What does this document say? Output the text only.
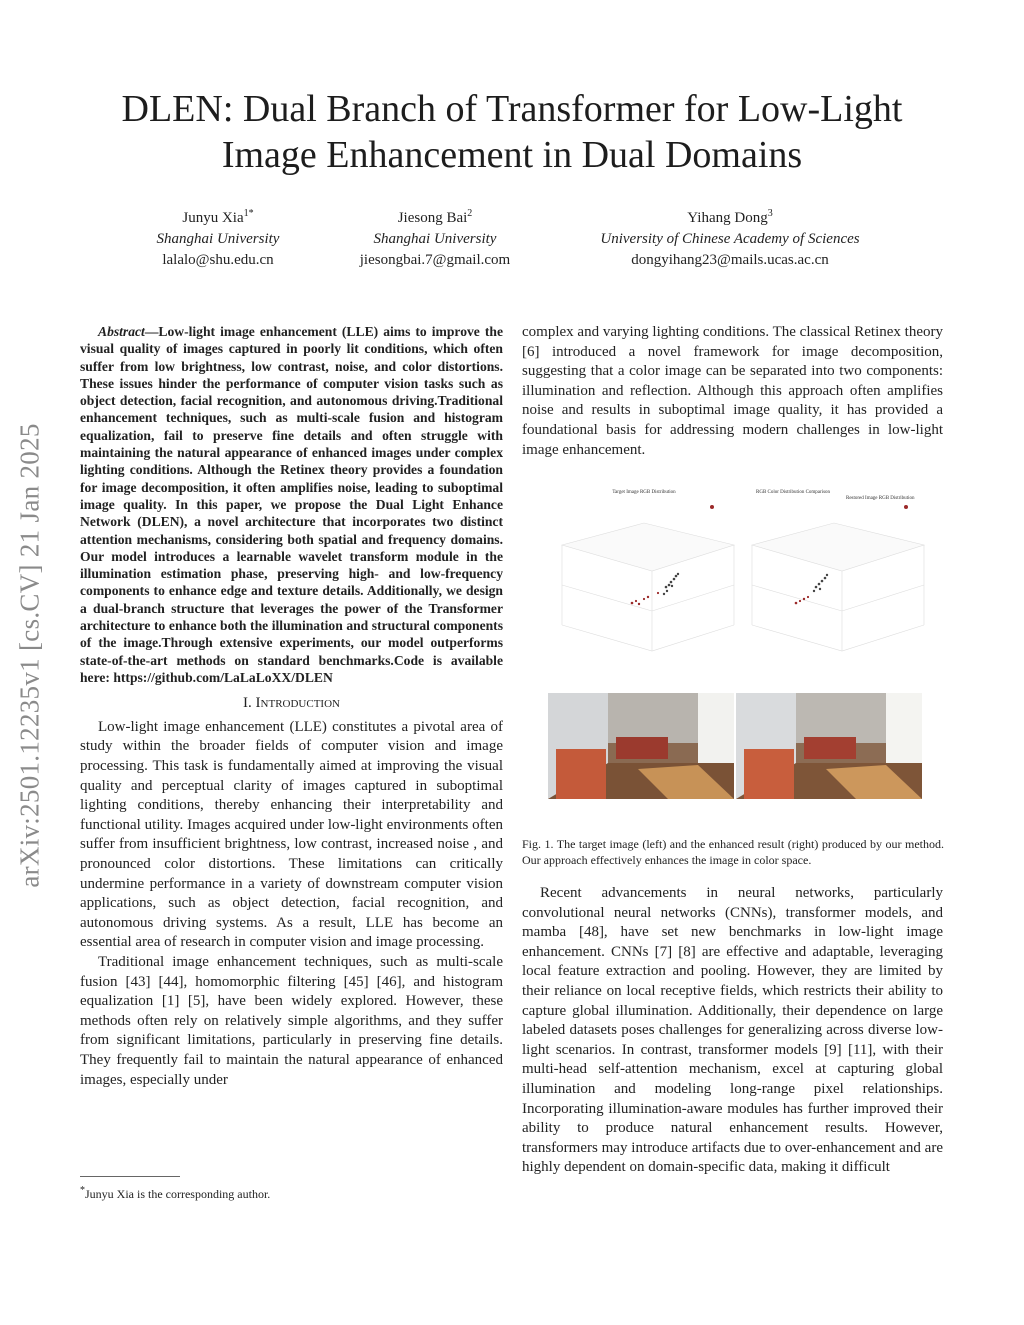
arXiv:2501.12235v1 [cs.CV] 21 Jan 2025
DLEN: Dual Branch of Transformer for Low-Light
Image Enhancement in Dual Domains
Junyu Xia$^{1*}$
Shanghai University
lalalo@shu.edu.cn
Jiesong Bai$^2$
Shanghai University
jiesongbai.7@gmail.com
Yihang Dong$^3$
University of Chinese Academy of Sciences
dongyihang23@mails.ucas.ac.cn

Abstract—Low-light image enhancement (LLE) aims to improve the visual quality of images captured in poorly lit conditions, which often suffer from low brightness, low contrast, noise, and color distortions. These issues hinder the performance of computer vision tasks such as object detection, facial recognition, and autonomous driving.Traditional enhancement techniques, such as multi-scale fusion and histogram equalization, fail to preserve fine details and often struggle with maintaining the natural appearance of enhanced images under complex lighting conditions. Although the Retinex theory provides a foundation for image decomposition, it often amplifies noise, leading to suboptimal image quality. In this paper, we propose the Dual Light Enhance Network (DLEN), a novel architecture that incorporates two distinct attention mechanisms, considering both spatial and frequency domains. Our model introduces a learnable wavelet transform module in the illumination estimation phase, preserving high- and low-frequency components to enhance edge and texture details. Additionally, we design a dual-branch structure that leverages the power of the Transformer architecture to enhance both the illumination and structural components of the image.Through extensive experiments, our model outperforms state-of-the-art methods on standard benchmarks.Code is available here: https://github.com/LaLaLoXX/DLEN

I. Introduction

Low-light image enhancement (LLE) constitutes a pivotal area of study within the broader fields of computer vision and image processing. This task is fundamentally aimed at improving the visual quality and perceptual clarity of images captured in suboptimal lighting conditions, thereby enhancing their interpretability and functional utility. Images acquired under low-light environments often suffer from insufficient brightness, low contrast, increased noise , and pronounced color distortions. These limitations can critically undermine performance in a variety of downstream computer vision applications, such as object detection, facial recognition, and autonomous driving systems. As a result, LLE has become an essential area of research in computer vision and image processing.

Traditional image enhancement techniques, such as multi-scale fusion [43] [44], homomorphic filtering [45] [46], and histogram equalization [1] [5], have been widely explored. However, these methods often rely on relatively simple algorithms, and they suffer from significant limitations, particularly in preserving fine details. They frequently fail to maintain the natural appearance of enhanced images, especially under

*Junyu Xia is the corresponding author.

complex and varying lighting conditions. The classical Retinex theory [6] introduced a novel framework for image decomposition, suggesting that a color image can be separated into two components: illumination and reflection. Although this approach often amplifies noise and results in suboptimal image quality, it has provided a foundational basis for addressing modern challenges in low-light image enhancement.

Target Image RGB Distribution	RGB Color Distribution Comparison
Restored Image RGB Distribution
Fig. 1. The target image (left) and the enhanced result (right) produced by our method. Our approach effectively enhances the image in color space.

Recent advancements in neural networks, particularly convolutional neural networks (CNNs), transformer models, and mamba [48], have set new benchmarks in low-light image enhancement. CNNs [7] [8] are effective and adaptable, leveraging local feature extraction and pooling. However, they are limited by their reliance on local receptive fields, which restricts their ability to capture global illumination. Additionally, their dependence on large labeled datasets poses challenges for generalizing across diverse low-light scenarios. In contrast, transformer models [9] [11], with their multi-head self-attention mechanism, excel at capturing global illumination and modeling long-range pixel relationships. Incorporating illumination-aware modules has further improved their ability to produce natural enhancement results. However, transformers may introduce artifacts due to over-enhancement and are highly dependent on domain-specific data, making it difficult
